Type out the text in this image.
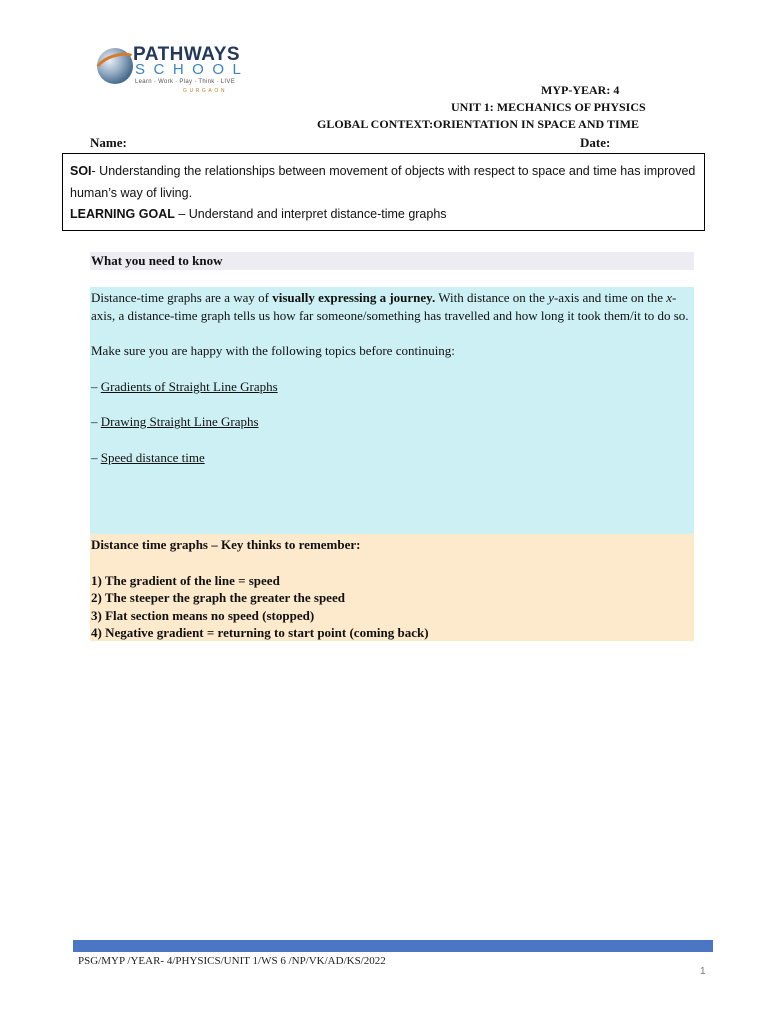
PATHWAYS
SCHOOL
Learn · Work · Play · Think · LIVE
GURGAON	MYP-YEAR: 4
UNIT 1: MECHANICS OF PHYSICS
GLOBAL CONTEXT:ORIENTATION IN SPACE AND TIME
Name:	Date:
SOI- Understanding the relationships between movement of objects with respect to space and time has improved human’s way of living.
LEARNING GOAL – Understand and interpret distance-time graphs
What you need to know

Distance-time graphs are a way of visually expressing a journey. With distance on the y-axis and time on the x-axis, a distance-time graph tells us how far someone/something has travelled and how long it took them/it to do so.

Make sure you are happy with the following topics before continuing:

– Gradients of Straight Line Graphs

– Drawing Straight Line Graphs

– Speed distance time

Distance time graphs – Key thinks to remember:

1) The gradient of the line = speed

2) The steeper the graph the greater the speed

3) Flat section means no speed (stopped)

4) Negative gradient = returning to start point (coming back)

PSG/MYP /YEAR- 4/PHYSICS/UNIT 1/WS 6 /NP/VK/AD/KS/2022
1
